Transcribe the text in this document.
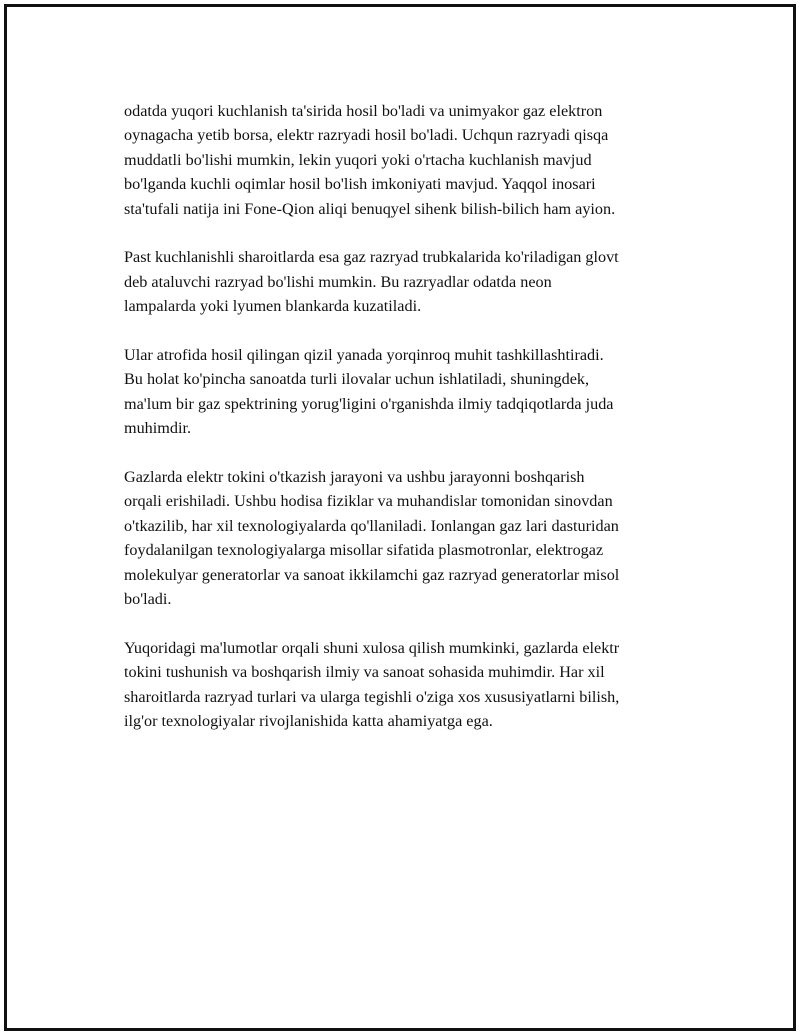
odatda yuqori kuchlanish ta'sirida hosil bo'ladi va unimyakor gaz elektron
oynagacha yetib borsa, elektr razryadi hosil bo'ladi. Uchqun razryadi qisqa
muddatli bo'lishi mumkin, lekin yuqori yoki o'rtacha kuchlanish mavjud
bo'lganda kuchli oqimlar hosil bo'lish imkoniyati mavjud. Yaqqol inosari
sta'tufali natija ini Fone-Qion aliqi benuqyel sihenk bilish-bilich ham ayion.

Past kuchlanishli sharoitlarda esa gaz razryad trubkalarida ko'riladigan glovt
deb ataluvchi razryad bo'lishi mumkin. Bu razryadlar odatda neon
lampalarda yoki lyumen blankarda kuzatiladi.

Ular atrofida hosil qilingan qizil yanada yorqinroq muhit tashkillashtiradi.
Bu holat ko'pincha sanoatda turli ilovalar uchun ishlatiladi, shuningdek,
ma'lum bir gaz spektrining yorug'ligini o'rganishda ilmiy tadqiqotlarda juda
muhimdir.

Gazlarda elektr tokini o'tkazish jarayoni va ushbu jarayonni boshqarish
orqali erishiladi. Ushbu hodisa fiziklar va muhandislar tomonidan sinovdan
o'tkazilib, har xil texnologiyalarda qo'llaniladi. Ionlangan gaz lari dasturidan
foydalanilgan texnologiyalarga misollar sifatida plasmotronlar, elektrogaz
molekulyar generatorlar va sanoat ikkilamchi gaz razryad generatorlar misol
bo'ladi.

Yuqoridagi ma'lumotlar orqali shuni xulosa qilish mumkinki, gazlarda elektr
tokini tushunish va boshqarish ilmiy va sanoat sohasida muhimdir. Har xil
sharoitlarda razryad turlari va ularga tegishli o'ziga xos xususiyatlarni bilish,
ilg'or texnologiyalar rivojlanishida katta ahamiyatga ega.
